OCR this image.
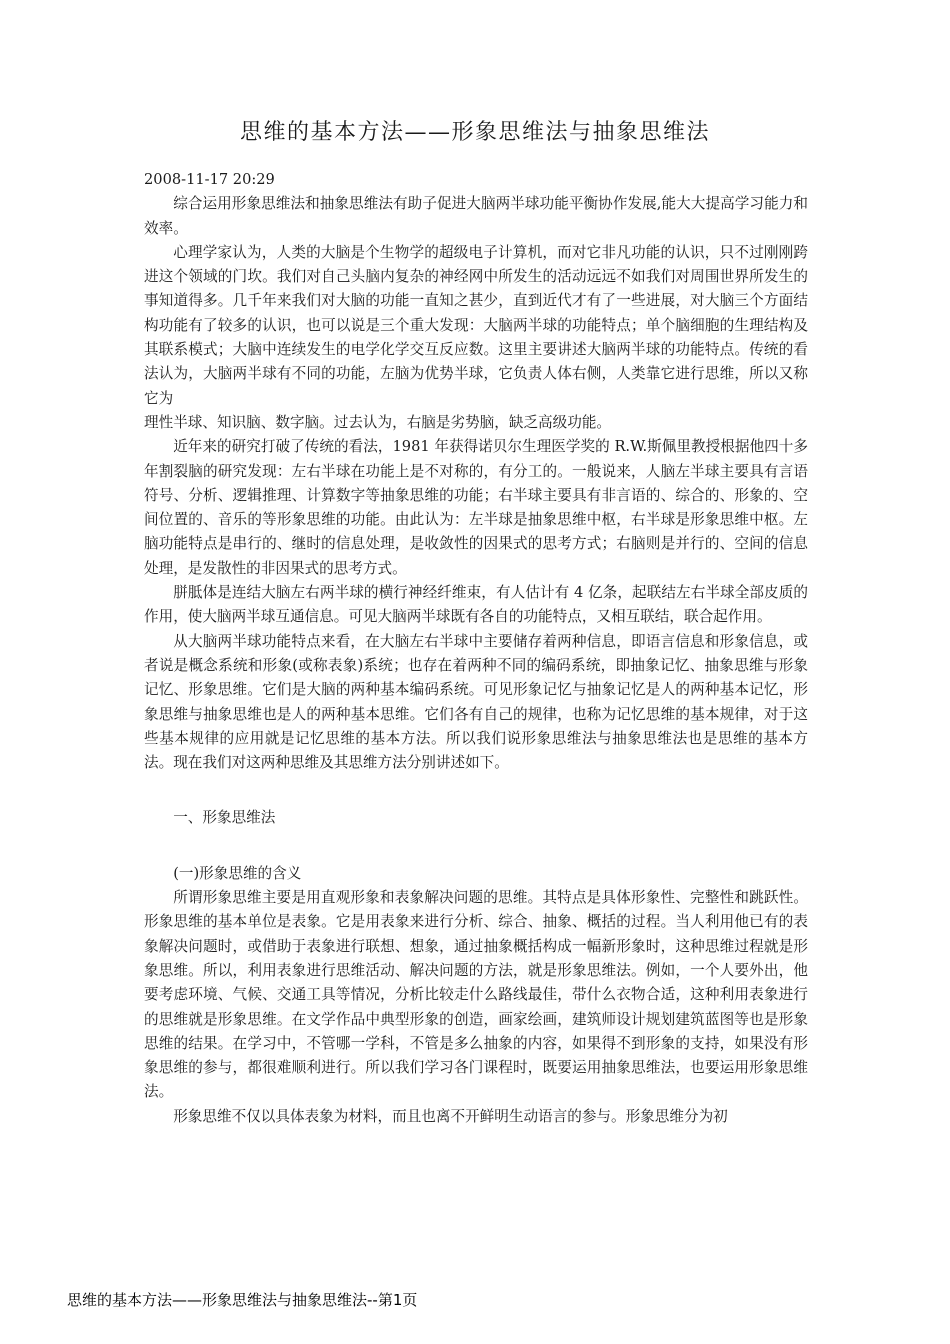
思维的基本方法——形象思维法与抽象思维法

2008-11-17 20:29

综合运用形象思维法和抽象思维法有助子促进大脑两半球功能平衡协作发展,能大大提高学习能力和效率。

心理学家认为，人类的大脑是个生物学的超级电子计算机，而对它非凡功能的认识，只不过刚刚跨进这个领域的门坎。我们对自己头脑内复杂的神经网中所发生的活动远远不如我们对周围世界所发生的事知道得多。几千年来我们对大脑的功能一直知之甚少，直到近代才有了一些进展，对大脑三个方面结构功能有了较多的认识，也可以说是三个重大发现：大脑两半球的功能特点；单个脑细胞的生理结构及其联系模式；大脑中连续发生的电学化学交互反应数。这里主要讲述大脑两半球的功能特点。传统的看法认为，大脑两半球有不同的功能，左脑为优势半球，它负责人体右侧，人类靠它进行思维，所以又称它为

理性半球、知识脑、数字脑。过去认为，右脑是劣势脑，缺乏高级功能。

近年来的研究打破了传统的看法，1981 年获得诺贝尔生理医学奖的 R.W.斯佩里教授根据他四十多年割裂脑的研究发现：左右半球在功能上是不对称的，有分工的。一般说来，人脑左半球主要具有言语符号、分析、逻辑推理、计算数字等抽象思维的功能；右半球主要具有非言语的、综合的、形象的、空间位置的、音乐的等形象思维的功能。由此认为：左半球是抽象思维中枢，右半球是形象思维中枢。左脑功能特点是串行的、继时的信息处理，是收敛性的因果式的思考方式；右脑则是并行的、空间的信息处理，是发散性的非因果式的思考方式。

胼胝体是连结大脑左右两半球的横行神经纤维束，有人估计有 4 亿条，起联结左右半球全部皮质的作用，使大脑两半球互通信息。可见大脑两半球既有各自的功能特点，又相互联结，联合起作用。

从大脑两半球功能特点来看，在大脑左右半球中主要储存着两种信息，即语言信息和形象信息，或者说是概念系统和形象(或称表象)系统；也存在着两种不同的编码系统，即抽象记忆、抽象思维与形象记忆、形象思维。它们是大脑的两种基本编码系统。可见形象记忆与抽象记忆是人的两种基本记忆，形象思维与抽象思维也是人的两种基本思维。它们各有自己的规律，也称为记忆思维的基本规律，对于这些基本规律的应用就是记忆思维的基本方法。所以我们说形象思维法与抽象思维法也是思维的基本方法。现在我们对这两种思维及其思维方法分别讲述如下。

一、形象思维法

(一)形象思维的含义

所谓形象思维主要是用直观形象和表象解决问题的思维。其特点是具体形象性、完整性和跳跃性。形象思维的基本单位是表象。它是用表象来进行分析、综合、抽象、概括的过程。当人利用他已有的表象解决问题时，或借助于表象进行联想、想象，通过抽象概括构成一幅新形象时，这种思维过程就是形象思维。所以，利用表象进行思维活动、解决问题的方法，就是形象思维法。例如，一个人要外出，他要考虑环境、气候、交通工具等情况，分析比较走什么路线最佳，带什么衣物合适，这种利用表象进行的思维就是形象思维。在文学作品中典型形象的创造，画家绘画，建筑师设计规划建筑蓝图等也是形象思维的结果。在学习中，不管哪一学科，不管是多么抽象的内容，如果得不到形象的支持，如果没有形象思维的参与，都很难顺利进行。所以我们学习各门课程时，既要运用抽象思维法，也要运用形象思维法。

形象思维不仅以具体表象为材料，而且也离不开鲜明生动语言的参与。形象思维分为初

思维的基本方法——形象思维法与抽象思维法--第1页
